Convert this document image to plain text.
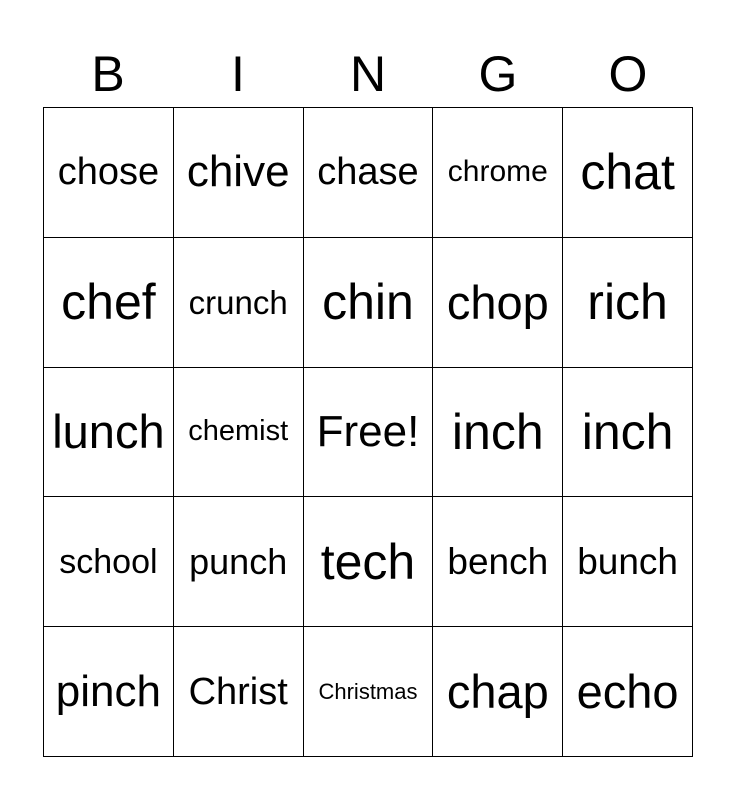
B	I	N	G	O
chose chive chase chrome chat
chef crunch chin chop rich
lunch chemist Free! inch inch
school punch tech bench bunch
pinch Christ Christmas chap echo
